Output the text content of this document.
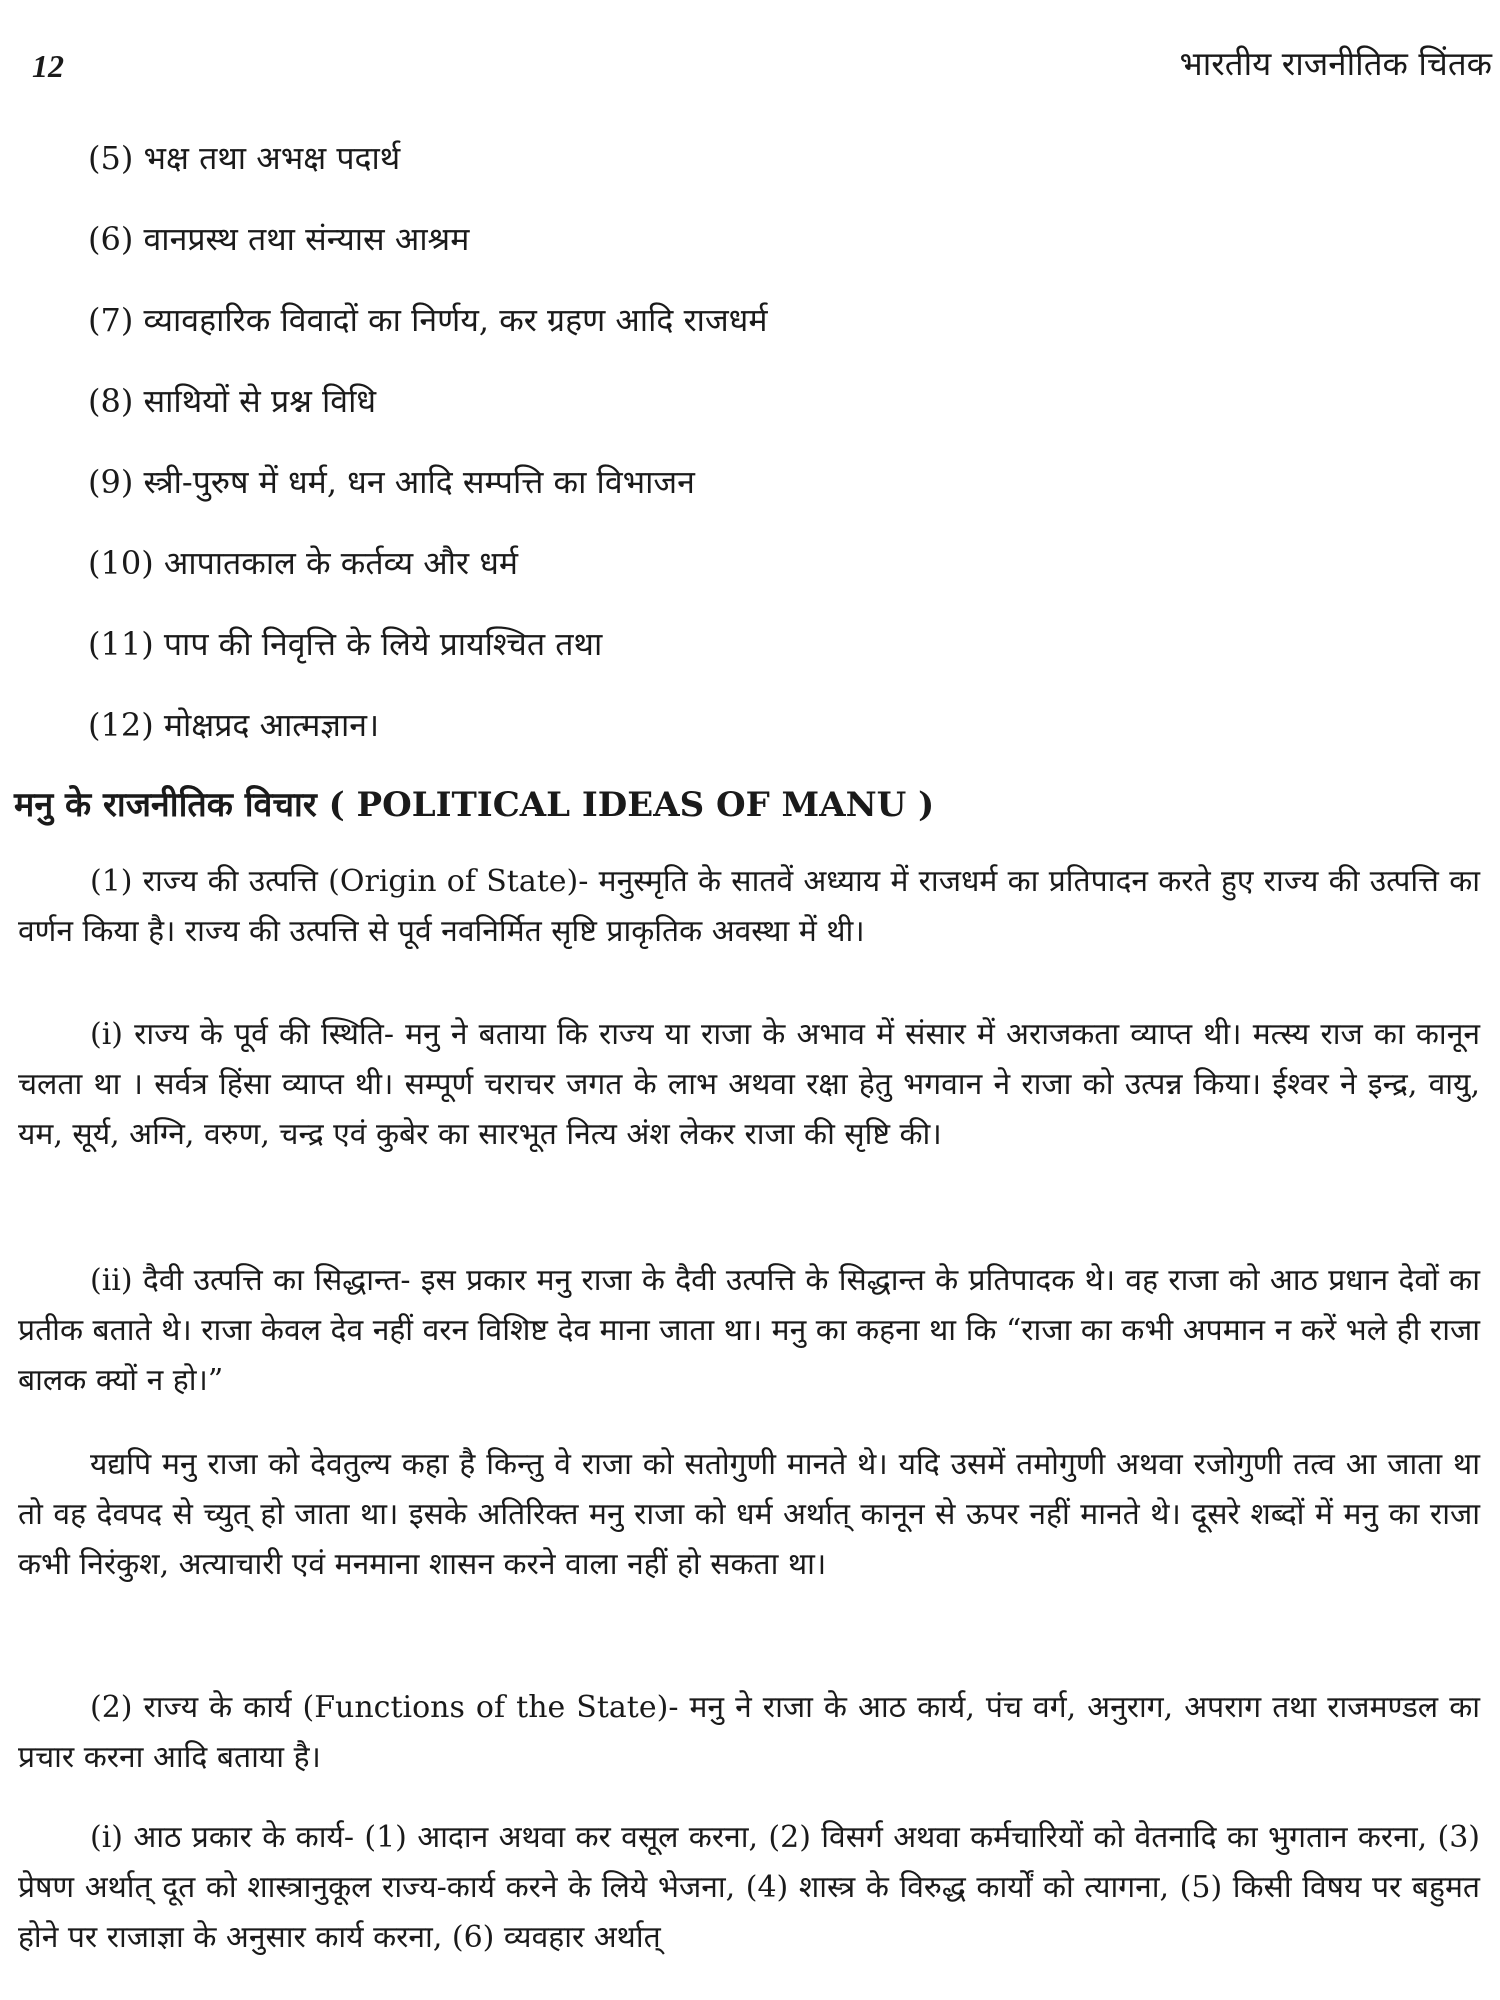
12	भारतीय राजनीतिक चिंतक
(5) भक्ष तथा अभक्ष पदार्थ
(6) वानप्रस्थ तथा संन्यास आश्रम
(7) व्यावहारिक विवादों का निर्णय, कर ग्रहण आदि राजधर्म
(8) साथियों से प्रश्न विधि
(9) स्त्री-पुरुष में धर्म, धन आदि सम्पत्ति का विभाजन
(10) आपातकाल के कर्तव्य और धर्म
(11) पाप की निवृत्ति के लिये प्रायश्चित तथा
(12) मोक्षप्रद आत्मज्ञान।
मनु के राजनीतिक विचार ( POLITICAL IDEAS OF MANU )

(1) राज्य की उत्पत्ति (Origin of State)- मनुस्मृति के सातवें अध्याय में राजधर्म का प्रतिपादन करते हुए राज्य की उत्पत्ति का वर्णन किया है। राज्य की उत्पत्ति से पूर्व नवनिर्मित सृष्टि प्राकृतिक अवस्था में थी।

(i) राज्य के पूर्व की स्थिति- मनु ने बताया कि राज्य या राजा के अभाव में संसार में अराजकता व्याप्त थी। मत्स्य राज का कानून चलता था । सर्वत्र हिंसा व्याप्त थी। सम्पूर्ण चराचर जगत के लाभ अथवा रक्षा हेतु भगवान ने राजा को उत्पन्न किया। ईश्वर ने इन्द्र, वायु, यम, सूर्य, अग्नि, वरुण, चन्द्र एवं कुबेर का सारभूत नित्य अंश लेकर राजा की सृष्टि की।

(ii) दैवी उत्पत्ति का सिद्धान्त- इस प्रकार मनु राजा के दैवी उत्पत्ति के सिद्धान्त के प्रतिपादक थे। वह राजा को आठ प्रधान देवों का प्रतीक बताते थे। राजा केवल देव नहीं वरन विशिष्ट देव माना जाता था। मनु का कहना था कि “राजा का कभी अपमान न करें भले ही राजा बालक क्यों न हो।”

यद्यपि मनु राजा को देवतुल्य कहा है किन्तु वे राजा को सतोगुणी मानते थे। यदि उसमें तमोगुणी अथवा रजोगुणी तत्व आ जाता था तो वह देवपद से च्युत् हो जाता था। इसके अतिरिक्त मनु राजा को धर्म अर्थात् कानून से ऊपर नहीं मानते थे। दूसरे शब्दों में मनु का राजा कभी निरंकुश, अत्याचारी एवं मनमाना शासन करने वाला नहीं हो सकता था।

(2) राज्य के कार्य (Functions of the State)- मनु ने राजा के आठ कार्य, पंच वर्ग, अनुराग, अपराग तथा राजमण्डल का प्रचार करना आदि बताया है।

(i) आठ प्रकार के कार्य- (1) आदान अथवा कर वसूल करना, (2) विसर्ग अथवा कर्मचारियों को वेतनादि का भुगतान करना, (3) प्रेषण अर्थात् दूत को शास्त्रानुकूल राज्य-कार्य करने के लिये भेजना, (4) शास्त्र के विरुद्ध कार्यों को त्यागना, (5) किसी विषय पर बहुमत होने पर राजाज्ञा के अनुसार कार्य करना, (6) व्यवहार अर्थात्
